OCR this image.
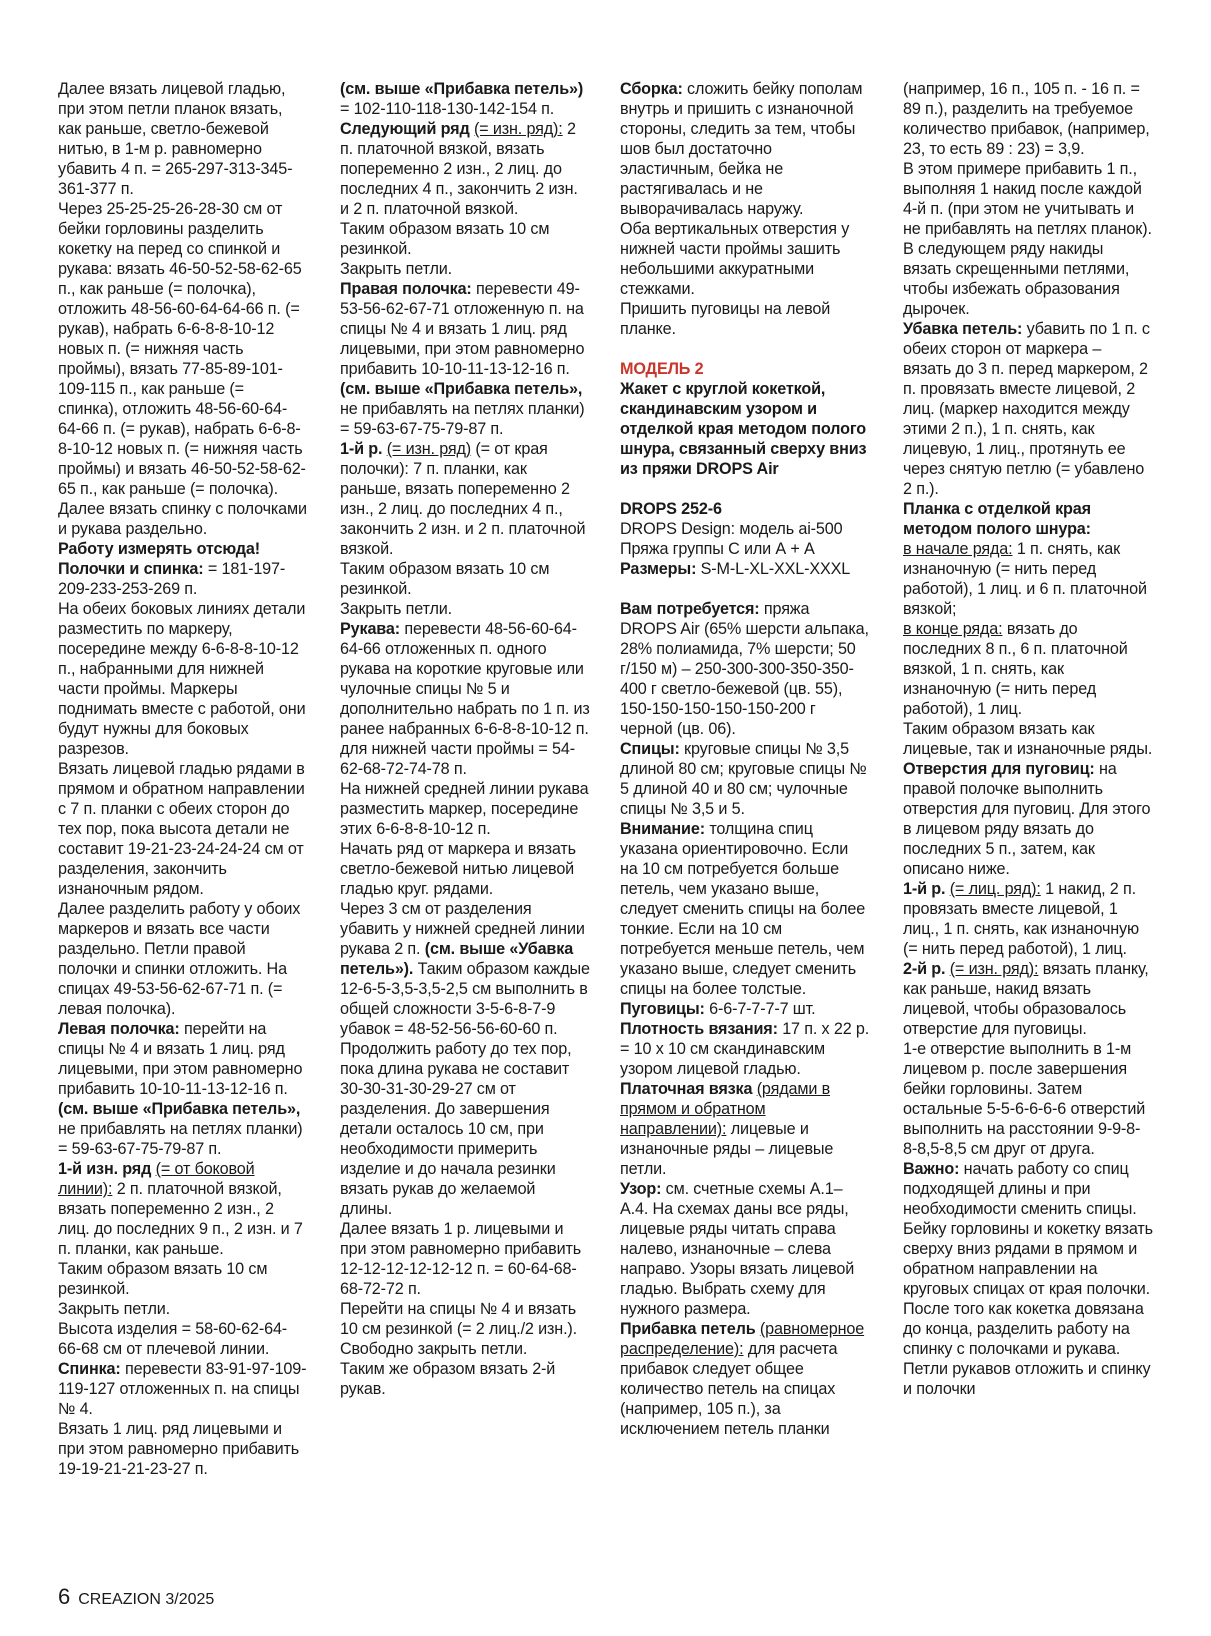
Далее вязать лицевой гладью, при этом петли планок вязать, как раньше, светло-бежевой нитью, в 1-м р. равномерно убавить 4 п. = 265-297-313-345-361-377 п.

Через 25-25-25-26-28-30 см от бейки горловины разделить кокетку на перед со спинкой и рукава: вязать 46-50-52-58-62-65 п., как раньше (= полочка), отложить 48-56-60-64-64-66 п. (= рукав), набрать 6-6-8-8-10-12 новых п. (= нижняя часть проймы), вязать 77-85-89-101-109-115 п., как раньше (= спинка), отложить 48-56-60-64-64-66 п. (= рукав), набрать 6-6-8-8-10-12 новых п. (= нижняя часть проймы) и вязать 46-50-52-58-62-65 п., как раньше (= полочка).

Далее вязать спинку с полочками и рукава раздельно.

Работу измерять отсюда!

Полочки и спинка: = 181-197-209-233-253-269 п.

На обеих боковых линиях детали разместить по маркеру, посередине между 6-6-8-8-10-12 п., набранными для нижней части проймы. Маркеры поднимать вместе с работой, они будут нужны для боковых разрезов.

Вязать лицевой гладью рядами в прямом и обратном направлении с 7 п. планки с обеих сторон до тех пор, пока высота детали не составит 19-21-23-24-24-24 см от разделения, закончить изнаночным рядом.

Далее разделить работу у обоих маркеров и вязать все части раздельно. Петли правой полочки и спинки отложить. На спицах 49-53-56-62-67-71 п. (= левая полочка).

Левая полочка: перейти на спицы № 4 и вязать 1 лиц. ряд лицевыми, при этом равномерно прибавить 10-10-11-13-12-16 п. (см. выше «Прибавка петель», не прибавлять на петлях планки) = 59-63-67-75-79-87 п.

1-й изн. ряд (= от боковой линии): 2 п. платочной вязкой, вязать попеременно 2 изн., 2 лиц. до последних 9 п., 2 изн. и 7 п. планки, как раньше.

Таким образом вязать 10 см резинкой.

Закрыть петли.

Высота изделия = 58-60-62-64-66-68 см от плечевой линии.

Спинка: перевести 83-91-97-109-119-127 отложенных п. на спицы № 4.

Вязать 1 лиц. ряд лицевыми и при этом равномерно прибавить 19-19-21-21-23-27 п.

(см. выше «Прибавка петель») = 102-110-118-130-142-154 п.

Следующий ряд (= изн. ряд): 2 п. платочной вязкой, вязать попеременно 2 изн., 2 лиц. до последних 4 п., закончить 2 изн. и 2 п. платочной вязкой.

Таким образом вязать 10 см резинкой.

Закрыть петли.

Правая полочка: перевести 49-53-56-62-67-71 отложенную п. на спицы № 4 и вязать 1 лиц. ряд лицевыми, при этом равномерно прибавить 10-10-11-13-12-16 п. (см. выше «Прибавка петель», не прибавлять на петлях планки) = 59-63-67-75-79-87 п.

1-й р. (= изн. ряд) (= от края полочки): 7 п. планки, как раньше, вязать попеременно 2 изн., 2 лиц. до последних 4 п., закончить 2 изн. и 2 п. платочной вязкой.

Таким образом вязать 10 см резинкой.

Закрыть петли.

Рукава: перевести 48-56-60-64-64-66 отложенных п. одного рукава на короткие круговые или чулочные спицы № 5 и дополнительно набрать по 1 п. из ранее набранных 6-6-8-8-10-12 п. для нижней части проймы = 54-62-68-72-74-78 п.

На нижней средней линии рукава разместить маркер, посередине этих 6-6-8-8-10-12 п.

Начать ряд от маркера и вязать светло-бежевой нитью лицевой гладью круг. рядами.

Через 3 см от разделения убавить у нижней средней линии рукава 2 п. (см. выше «Убавка петель»). Таким образом каждые 12-6-5-3,5-3,5-2,5 см выполнить в общей сложности 3-5-6-8-7-9 убавок = 48-52-56-56-60-60 п.

Продолжить работу до тех пор, пока длина рукава не составит 30-30-31-30-29-27 см от разделения. До завершения детали осталось 10 см, при необходимости примерить изделие и до начала резинки вязать рукав до желаемой длины.

Далее вязать 1 р. лицевыми и при этом равномерно прибавить 12-12-12-12-12-12 п. = 60-64-68-68-72-72 п.

Перейти на спицы № 4 и вязать 10 см резинкой (= 2 лиц./2 изн.).

Свободно закрыть петли.

Таким же образом вязать 2-й рукав.

Сборка: сложить бейку пополам внутрь и пришить с изнаночной стороны, следить за тем, чтобы шов был достаточно эластичным, бейка не растягивалась и не выворачивалась наружу.

Оба вертикальных отверстия у нижней части проймы зашить небольшими аккуратными стежками.

Пришить пуговицы на левой планке.

МОДЕЛЬ 2

Жакет с круглой кокеткой, скандинавским узором и отделкой края методом полого шнура, связанный сверху вниз из пряжи DROPS Air

DROPS 252-6

DROPS Design: модель ai-500

Пряжа группы С или А + А

Размеры: S-M-L-XL-XXL-XXXL

Вам потребуется: пряжа DROPS Air (65% шерсти альпака, 28% полиамида, 7% шерсти; 50 г/150 м) – 250-300-300-350-350-400 г светло-бежевой (цв. 55), 150-150-150-150-150-200 г черной (цв. 06).

Спицы: круговые спицы № 3,5 длиной 80 см; круговые спицы № 5 длиной 40 и 80 см; чулочные спицы № 3,5 и 5.

Внимание: толщина спиц указана ориентировочно. Если на 10 см потребуется больше петель, чем указано выше, следует сменить спицы на более тонкие. Если на 10 см потребуется меньше петель, чем указано выше, следует сменить спицы на более толстые.

Пуговицы: 6-6-7-7-7-7 шт.

Плотность вязания: 17 п. x 22 р. = 10 x 10 см скандинавским узором лицевой гладью.

Платочная вязка (рядами в прямом и обратном направлении): лицевые и изнаночные ряды – лицевые петли.

Узор: см. счетные схемы А.1–А.4. На схемах даны все ряды, лицевые ряды читать справа налево, изнаночные – слева направо. Узоры вязать лицевой гладью. Выбрать схему для нужного размера.

Прибавка петель (равномерное распределение): для расчета прибавок следует общее количество петель на спицах (например, 105 п.), за исключением петель планки

6 CREAZION 3/2025

(например, 16 п., 105 п. - 16 п. = 89 п.), разделить на требуемое количество прибавок, (например, 23, то есть 89 : 23) = 3,9.

В этом примере прибавить 1 п., выполняя 1 накид после каждой 4-й п. (при этом не учитывать и не прибавлять на петлях планок).

В следующем ряду накиды вязать скрещенными петлями, чтобы избежать образования дырочек.

Убавка петель: убавить по 1 п. с обеих сторон от маркера – вязать до 3 п. перед маркером, 2 п. провязать вместе лицевой, 2 лиц. (маркер находится между этими 2 п.), 1 п. снять, как лицевую, 1 лиц., протянуть ее через снятую петлю (= убавлено 2 п.).

Планка с отделкой края методом полого шнура:

в начале ряда: 1 п. снять, как изнаночную (= нить перед работой), 1 лиц. и 6 п. платочной вязкой;

в конце ряда: вязать до последних 8 п., 6 п. платочной вязкой, 1 п. снять, как изнаночную (= нить перед работой), 1 лиц.

Таким образом вязать как лицевые, так и изнаночные ряды.

Отверстия для пуговиц: на правой полочке выполнить отверстия для пуговиц. Для этого в лицевом ряду вязать до последних 5 п., затем, как описано ниже.

1-й р. (= лиц. ряд): 1 накид, 2 п. провязать вместе лицевой, 1 лиц., 1 п. снять, как изнаночную (= нить перед работой), 1 лиц.

2-й р. (= изн. ряд): вязать планку, как раньше, накид вязать лицевой, чтобы образовалось отверстие для пуговицы.

1-е отверстие выполнить в 1-м лицевом р. после завершения бейки горловины. Затем остальные 5-5-6-6-6-6 отверстий выполнить на расстоянии 9-9-8-8-8,5-8,5 см друг от друга.

Важно: начать работу со спиц подходящей длины и при необходимости сменить спицы.

Бейку горловины и кокетку вязать сверху вниз рядами в прямом и обратном направлении на круговых спицах от края полочки.

После того как кокетка довязана до конца, разделить работу на спинку с полочками и рукава. Петли рукавов отложить и спинку и полочки
